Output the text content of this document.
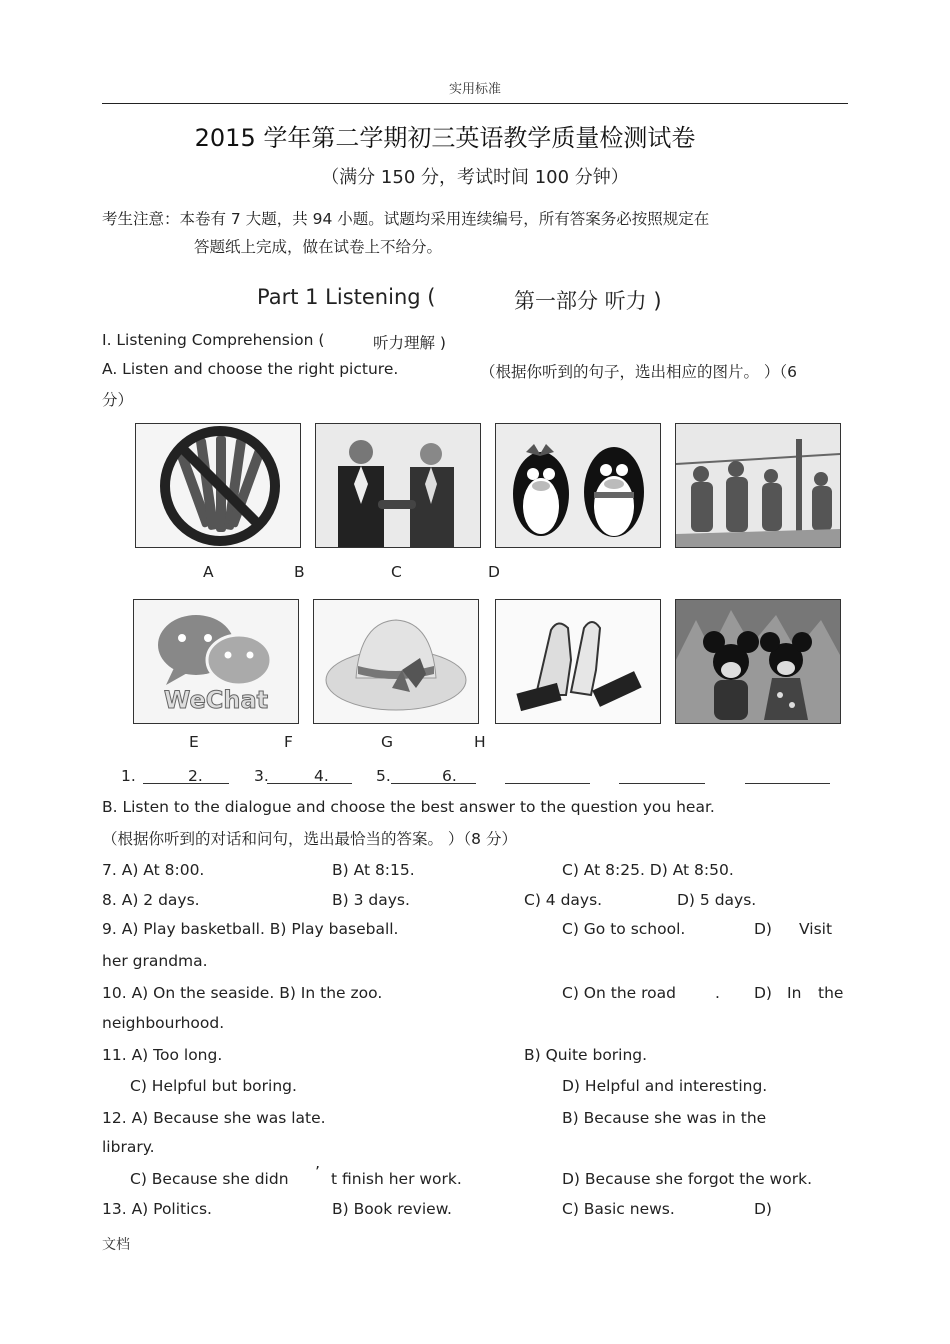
实用标准
2015 学年第二学期初三英语教学质量检测试卷
（满分 150 分，考试时间 100 分钟）
考生注意：本卷有 7 大题，共 94 小题。试题均采用连续编号，所有答案务必按照规定在
答题纸上完成，做在试卷上不给分。
Part 1 Listening (	第一部分 听力 )
I. Listening Comprehension (	听力理解 )
A. Listen and choose the right picture.	（根据你听到的句子，选出相应的图片。 ）（6
分）
A	B	C	D
WeChat
E	F	G	H
1.	2.	3.	4.	5.	6.
B. Listen to the dialogue and choose the best answer to the question you hear.
（根据你听到的对话和问句，选出最恰当的答案。 ）（8 分）
7. A) At 8:00.	B) At 8:15.	C) At 8:25. D) At 8:50.
8. A) 2 days.	B) 3 days.	C) 4 days.	D) 5 days.
9. A) Play basketball. B) Play baseball.	C) Go to school.	D) Visit
her grandma.
10. A) On the seaside. B) In the zoo.	C) On the road	. D) In the
neighbourhood.
11. A) Too long.	B) Quite boring.
C) Helpful but boring.	D) Helpful and interesting.
12. A) Because she was late.	B) Because she was in the
library.
C) Because she didn ’ t finish her work.	D) Because she forgot the work.
13. A) Politics.	B) Book review.	C) Basic news.	D)
文档
